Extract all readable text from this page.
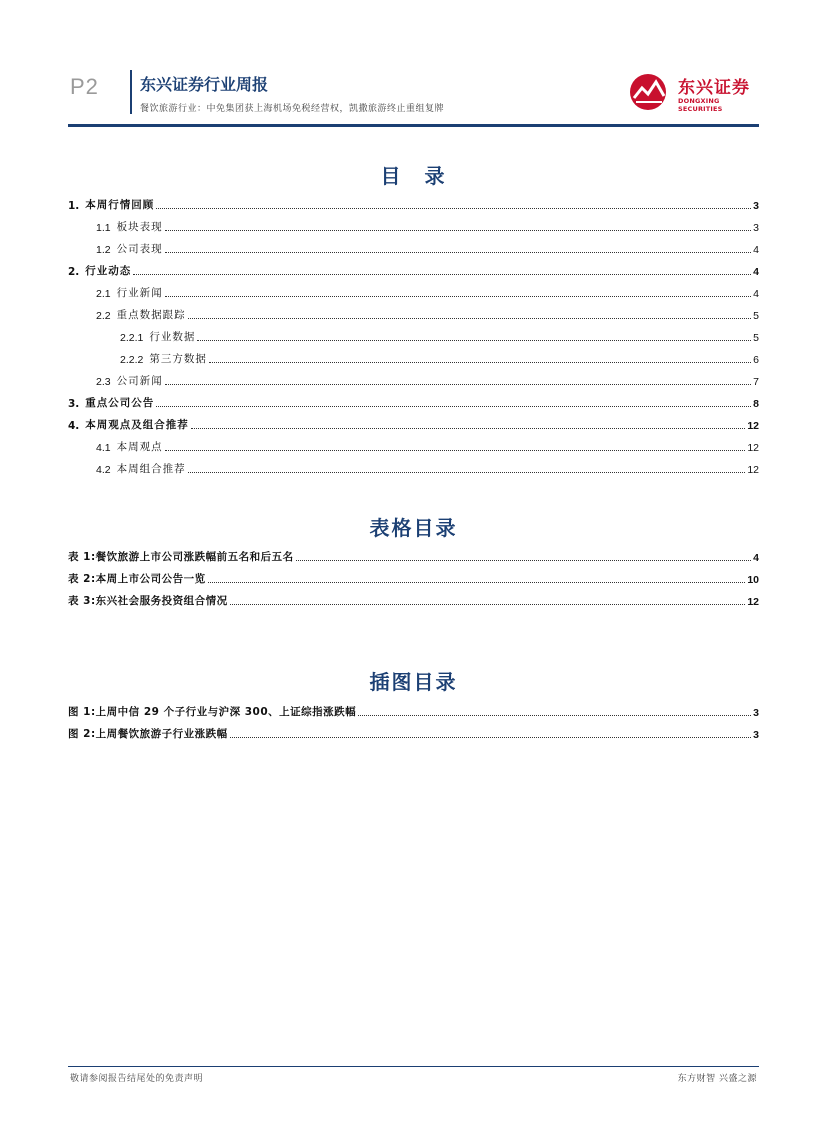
P2	东兴证券行业周报
餐饮旅游行业：中免集团获上海机场免税经营权，凯撒旅游终止重组复牌
东兴证券
DONGXING SECURITIES
目　录
1. 本周行情回顾	3
1.1 板块表现	3
1.2 公司表现	4
2. 行业动态	4
2.1 行业新闻	4
2.2 重点数据跟踪	5
2.2.1 行业数据	5
2.2.2 第三方数据	6
2.3 公司新闻	7
3. 重点公司公告	8
4. 本周观点及组合推荐	12
4.1 本周观点	12
4.2 本周组合推荐	12
表格目录
表 1:餐饮旅游上市公司涨跌幅前五名和后五名	4
表 2:本周上市公司公告一览	10
表 3:东兴社会服务投资组合情况	12
插图目录
图 1:上周中信 29 个子行业与沪深 300、上证综指涨跌幅	3
图 2:上周餐饮旅游子行业涨跌幅	3
敬请参阅报告结尾处的免责声明	东方财智 兴盛之源
